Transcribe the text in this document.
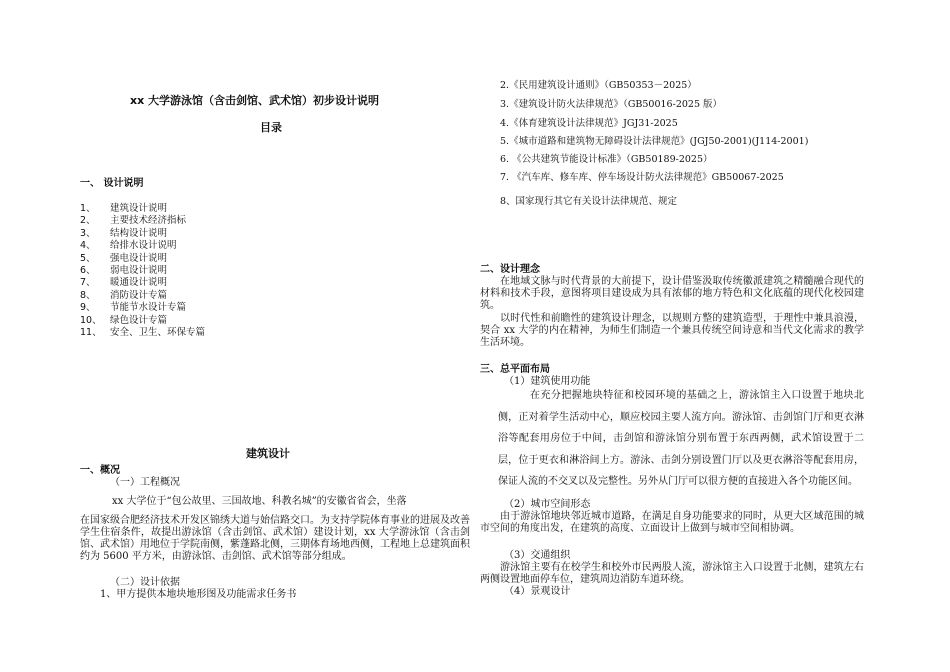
xx 大学游泳馆（含击剑馆、武术馆）初步设计说明
目录
一、 设计说明
1、 建筑设计说明
2、 主要技术经济指标
3、 结构设计说明
4、 给排水设计说明
5、 强电设计说明
6、 弱电设计说明
7、 暖通设计说明
8、 消防设计专篇
9、 节能节水设计专篇
10、 绿色设计专篇
11、 安全、卫生、环保专篇
建筑设计
一、概况
（一）工程概况
xx 大学位于“包公故里、三国故地、科教名城”的安徽省省会，坐落
在国家级合肥经济技术开发区锦绣大道与始信路交口。为支持学院体育事业的进展及改善学生住宿条件，故提出游泳馆（含击剑馆、武术馆）建设计划，xx 大学游泳馆（含击剑馆、武术馆）用地位于学院南侧，紫蓬路北侧，三期体育场地西侧，工程地上总建筑面积约为 5600 平方米，由游泳馆、击剑馆、武术馆等部分组成。
（二）设计依据
1、甲方提供本地块地形图及功能需求任务书
2.《民用建筑设计通则》（GB50353－2025）
3.《建筑设计防火法律规范》（GB50016-2025 版）
4.《体育建筑设计法律规范》JGJ31-2025
5.《城市道路和建筑物无障碍设计法律规范》(JGJ50-2001)(J114-2001)
6. 《公共建筑节能设计标准》（GB50189-2025）
7. 《汽车库、修车库、停车场设计防火法律规范》GB50067-2025
8、国家现行其它有关设计法律规范、规定
二、设计理念
在地域文脉与时代背景的大前提下，设计借鉴汲取传统徽派建筑之精髓融合现代的材料和技术手段，意图将项目建设成为具有浓郁的地方特色和文化底蕴的现代化校园建筑。
以时代性和前瞻性的建筑设计理念，以规则方整的建筑造型，于理性中兼具浪漫，契合 xx 大学的内在精神，为师生们制造一个兼具传统空间诗意和当代文化需求的教学生活环境。
三、总平面布局
（1）建筑使用功能
在充分把握地块特征和校园环境的基础之上，游泳馆主入口设置于地块北侧，正对着学生活动中心，顺应校园主要人流方向。游泳馆、击剑馆门厅和更衣淋浴等配套用房位于中间，击剑馆和游泳馆分别布置于东西两侧，武术馆设置于二层，位于更衣和淋浴间上方。游泳、击剑分别设置门厅以及更衣淋浴等配套用房，保证人流的不交叉以及完整性。另外从门厅可以很方便的直接进入各个功能区间。
（2）城市空间形态
由于游泳馆地块邻近城市道路，在满足自身功能要求的同时，从更大区域范围的城市空间的角度出发，在建筑的高度、立面设计上做到与城市空间相协调。
（3）交通组织
游泳馆主要有在校学生和校外市民两股人流，游泳馆主入口设置于北侧，建筑左右两侧设置地面停车位，建筑周边消防车道环绕。
（4）景观设计
